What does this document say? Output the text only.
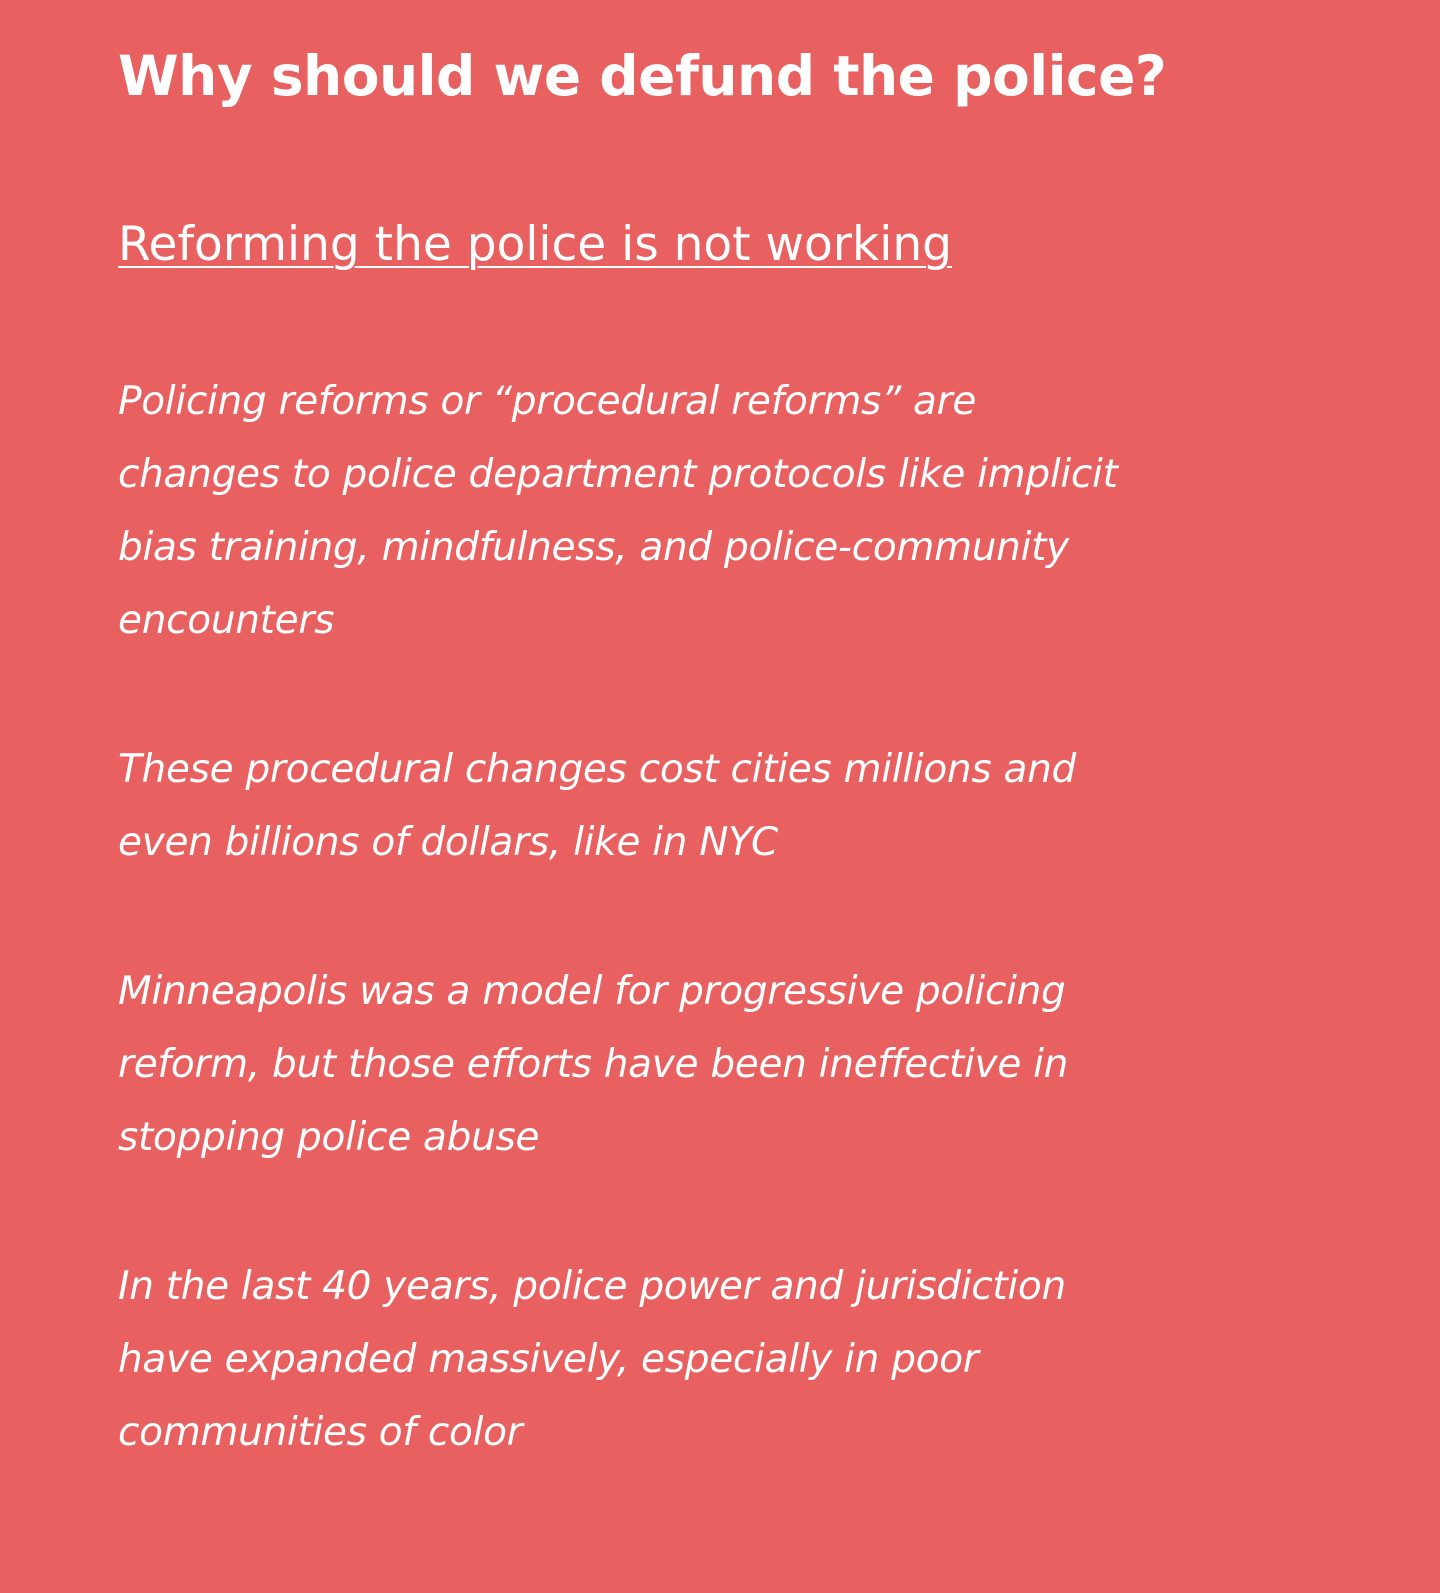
Why should we defund the police?
Reforming the police is not working

Policing reforms or “procedural reforms” are
changes to police department protocols like implicit
bias training, mindfulness, and police-community
encounters

These procedural changes cost cities millions and
even billions of dollars, like in NYC

Minneapolis was a model for progressive policing
reform, but those efforts have been ineffective in
stopping police abuse

In the last 40 years, police power and jurisdiction
have expanded massively, especially in poor
communities of color
